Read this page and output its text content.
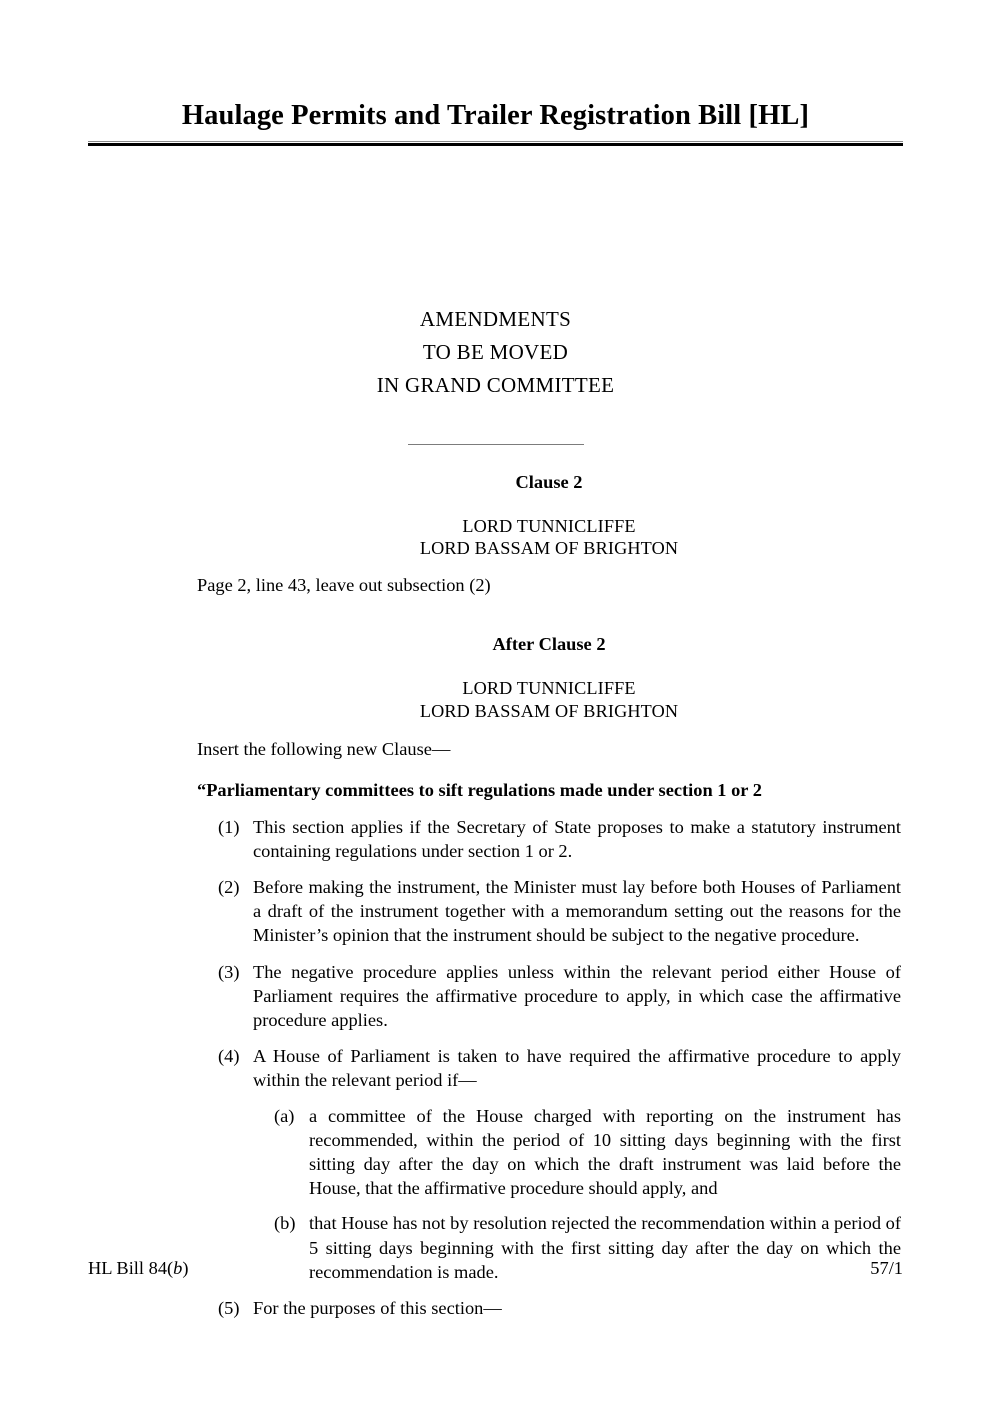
Haulage Permits and Trailer Registration Bill [HL]
AMENDMENTS
TO BE MOVED
IN GRAND COMMITTEE

Clause 2

LORD TUNNICLIFFE
LORD BASSAM OF BRIGHTON
Page 2, line 43, leave out subsection (2)

After Clause 2

LORD TUNNICLIFFE
LORD BASSAM OF BRIGHTON
Insert the following new Clause—
“Parliamentary committees to sift regulations made under section 1 or 2
(1) This section applies if the Secretary of State proposes to make a statutory instrument containing regulations under section 1 or 2.
(2) Before making the instrument, the Minister must lay before both Houses of Parliament a draft of the instrument together with a memorandum setting out the reasons for the Minister’s opinion that the instrument should be subject to the negative procedure.
(3) The negative procedure applies unless within the relevant period either House of Parliament requires the affirmative procedure to apply, in which case the affirmative procedure applies.
(4) A House of Parliament is taken to have required the affirmative procedure to apply within the relevant period if—
(a) a committee of the House charged with reporting on the instrument has recommended, within the period of 10 sitting days beginning with the first sitting day after the day on which the draft instrument was laid before the House, that the affirmative procedure should apply, and
(b) that House has not by resolution rejected the recommendation within a period of 5 sitting days beginning with the first sitting day after the day on which the recommendation is made.
(5) For the purposes of this section—
HL Bill 84(b)	57/1
